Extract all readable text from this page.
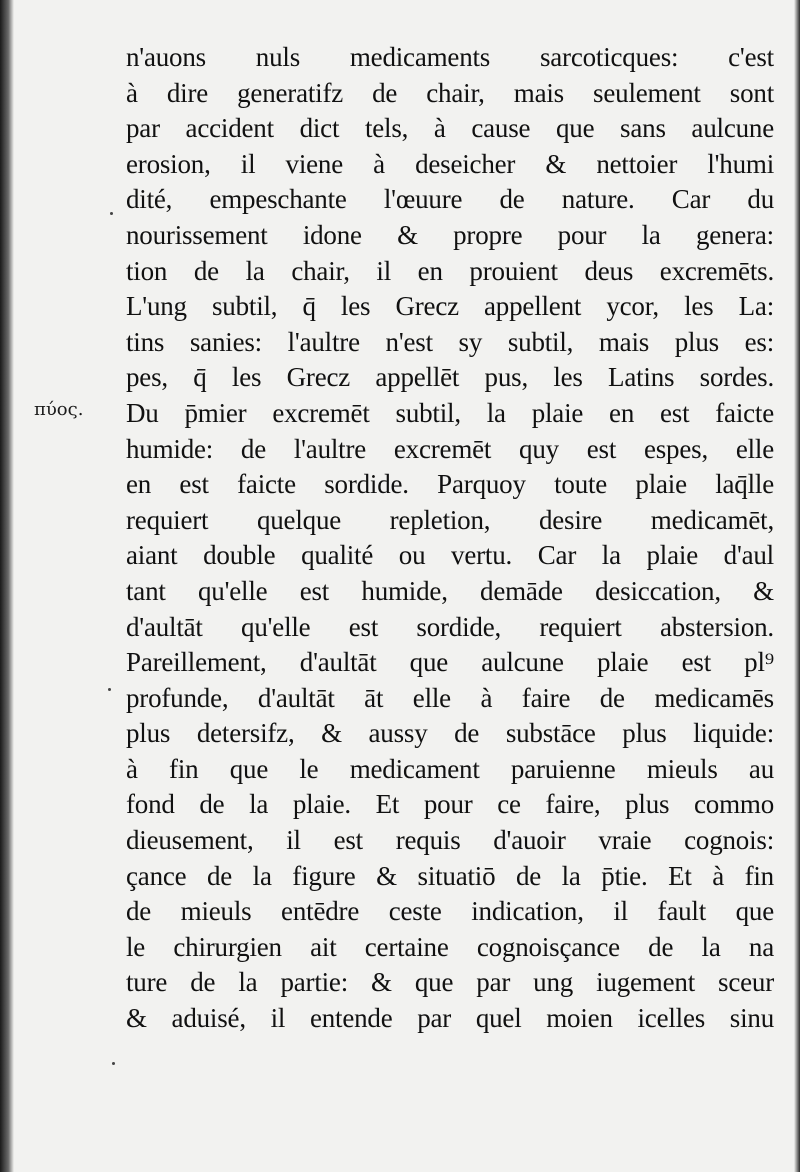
πύος.
n'auons nuls medicaments sarcoticques: c'est
à dire generatifz de chair, mais seulement sont
par accident dict tels, à cause que sans aulcune
erosion, il viene à deseicher & nettoier l'humi
dité, empeschante l'œuure de nature. Car du
nourissement idone & propre pour la genera:
tion de la chair, il en prouient deus excremēts.
L'ung subtil, q̄ les Grecz appellent ycor, les La:
tins sanies: l'aultre n'est sy subtil, mais plus es:
pes, q̄ les Grecz appellēt pus, les Latins sordes.
Du p̄mier excremēt subtil, la plaie en est faicte
humide: de l'aultre excremēt quy est espes, elle
en est faicte sordide. Parquoy toute plaie laq̄lle
requiert quelque repletion, desire medicamēt,
aiant double qualité ou vertu. Car la plaie d'aul
tant qu'elle est humide, demāde desiccation, &
d'aultāt qu'elle est sordide, requiert abstersion.
Pareillement, d'aultāt que aulcune plaie est pl⁹
profunde, d'aultāt āt elle à faire de medicamēs
plus detersifz, & aussy de substāce plus liquide:
à fin que le medicament paruienne mieuls au
fond de la plaie. Et pour ce faire, plus commo
dieusement, il est requis d'auoir vraie cognois:
çance de la figure & situatiō de la p̄tie. Et à fin
de mieuls entēdre ceste indication, il fault que
le chirurgien ait certaine cognoisçance de la na
ture de la partie: & que par ung iugement sceur
& aduisé, il entende par quel moien icelles sinu
